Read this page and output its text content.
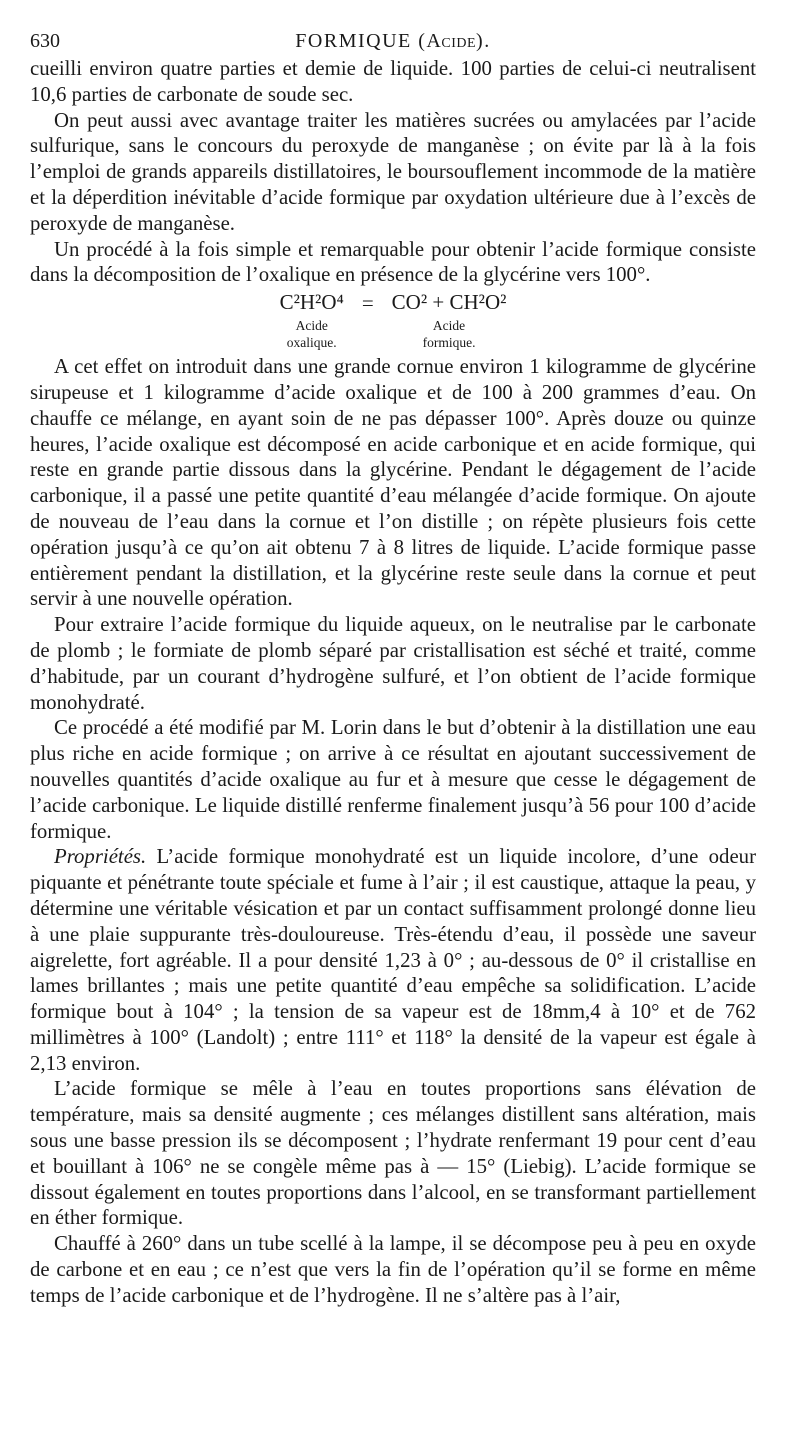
630	FORMIQUE (Acide).

cueilli environ quatre parties et demie de liquide. 100 parties de celui-ci neutralisent 10,6 parties de carbonate de soude sec.

On peut aussi avec avantage traiter les matières sucrées ou amylacées par l’acide sulfurique, sans le concours du peroxyde de manganèse ; on évite par là à la fois l’emploi de grands appareils distillatoires, le boursouflement incommode de la matière et la déperdition inévitable d’acide formique par oxydation ultérieure due à l’excès de peroxyde de manganèse.

Un procédé à la fois simple et remarquable pour obtenir l’acide formique consiste dans la décomposition de l’oxalique en présence de la glycérine vers 100°.

C²H²O⁴
Acide
oxalique.
= CO² + CH²O²
Acide
formique.

A cet effet on introduit dans une grande cornue environ 1 kilogramme de glycérine sirupeuse et 1 kilogramme d’acide oxalique et de 100 à 200 grammes d’eau. On chauffe ce mélange, en ayant soin de ne pas dépasser 100°. Après douze ou quinze heures, l’acide oxalique est décomposé en acide carbonique et en acide formique, qui reste en grande partie dissous dans la glycérine. Pendant le dégagement de l’acide carbonique, il a passé une petite quantité d’eau mélangée d’acide formique. On ajoute de nouveau de l’eau dans la cornue et l’on distille ; on répète plusieurs fois cette opération jusqu’à ce qu’on ait obtenu 7 à 8 litres de liquide. L’acide formique passe entièrement pendant la distillation, et la glycérine reste seule dans la cornue et peut servir à une nouvelle opération.

Pour extraire l’acide formique du liquide aqueux, on le neutralise par le carbonate de plomb ; le formiate de plomb séparé par cristallisation est séché et traité, comme d’habitude, par un courant d’hydrogène sulfuré, et l’on obtient de l’acide formique monohydraté.

Ce procédé a été modifié par M. Lorin dans le but d’obtenir à la distillation une eau plus riche en acide formique ; on arrive à ce résultat en ajoutant successivement de nouvelles quantités d’acide oxalique au fur et à mesure que cesse le dégagement de l’acide carbonique. Le liquide distillé renferme finalement jusqu’à 56 pour 100 d’acide formique.

Propriétés. L’acide formique monohydraté est un liquide incolore, d’une odeur piquante et pénétrante toute spéciale et fume à l’air ; il est caustique, attaque la peau, y détermine une véritable vésication et par un contact suffisamment prolongé donne lieu à une plaie suppurante très-douloureuse. Très-étendu d’eau, il possède une saveur aigrelette, fort agréable. Il a pour densité 1,23 à 0° ; au-dessous de 0° il cristallise en lames brillantes ; mais une petite quantité d’eau empêche sa solidification. L’acide formique bout à 104° ; la tension de sa vapeur est de 18mm,4 à 10° et de 762 millimètres à 100° (Landolt) ; entre 111° et 118° la densité de la vapeur est égale à 2,13 environ.

L’acide formique se mêle à l’eau en toutes proportions sans élévation de température, mais sa densité augmente ; ces mélanges distillent sans altération, mais sous une basse pression ils se décomposent ; l’hydrate renfermant 19 pour cent d’eau et bouillant à 106° ne se congèle même pas à — 15° (Liebig). L’acide formique se dissout également en toutes proportions dans l’alcool, en se transformant partiellement en éther formique.

Chauffé à 260° dans un tube scellé à la lampe, il se décompose peu à peu en oxyde de carbone et en eau ; ce n’est que vers la fin de l’opération qu’il se forme en même temps de l’acide carbonique et de l’hydrogène. Il ne s’altère pas à l’air,
